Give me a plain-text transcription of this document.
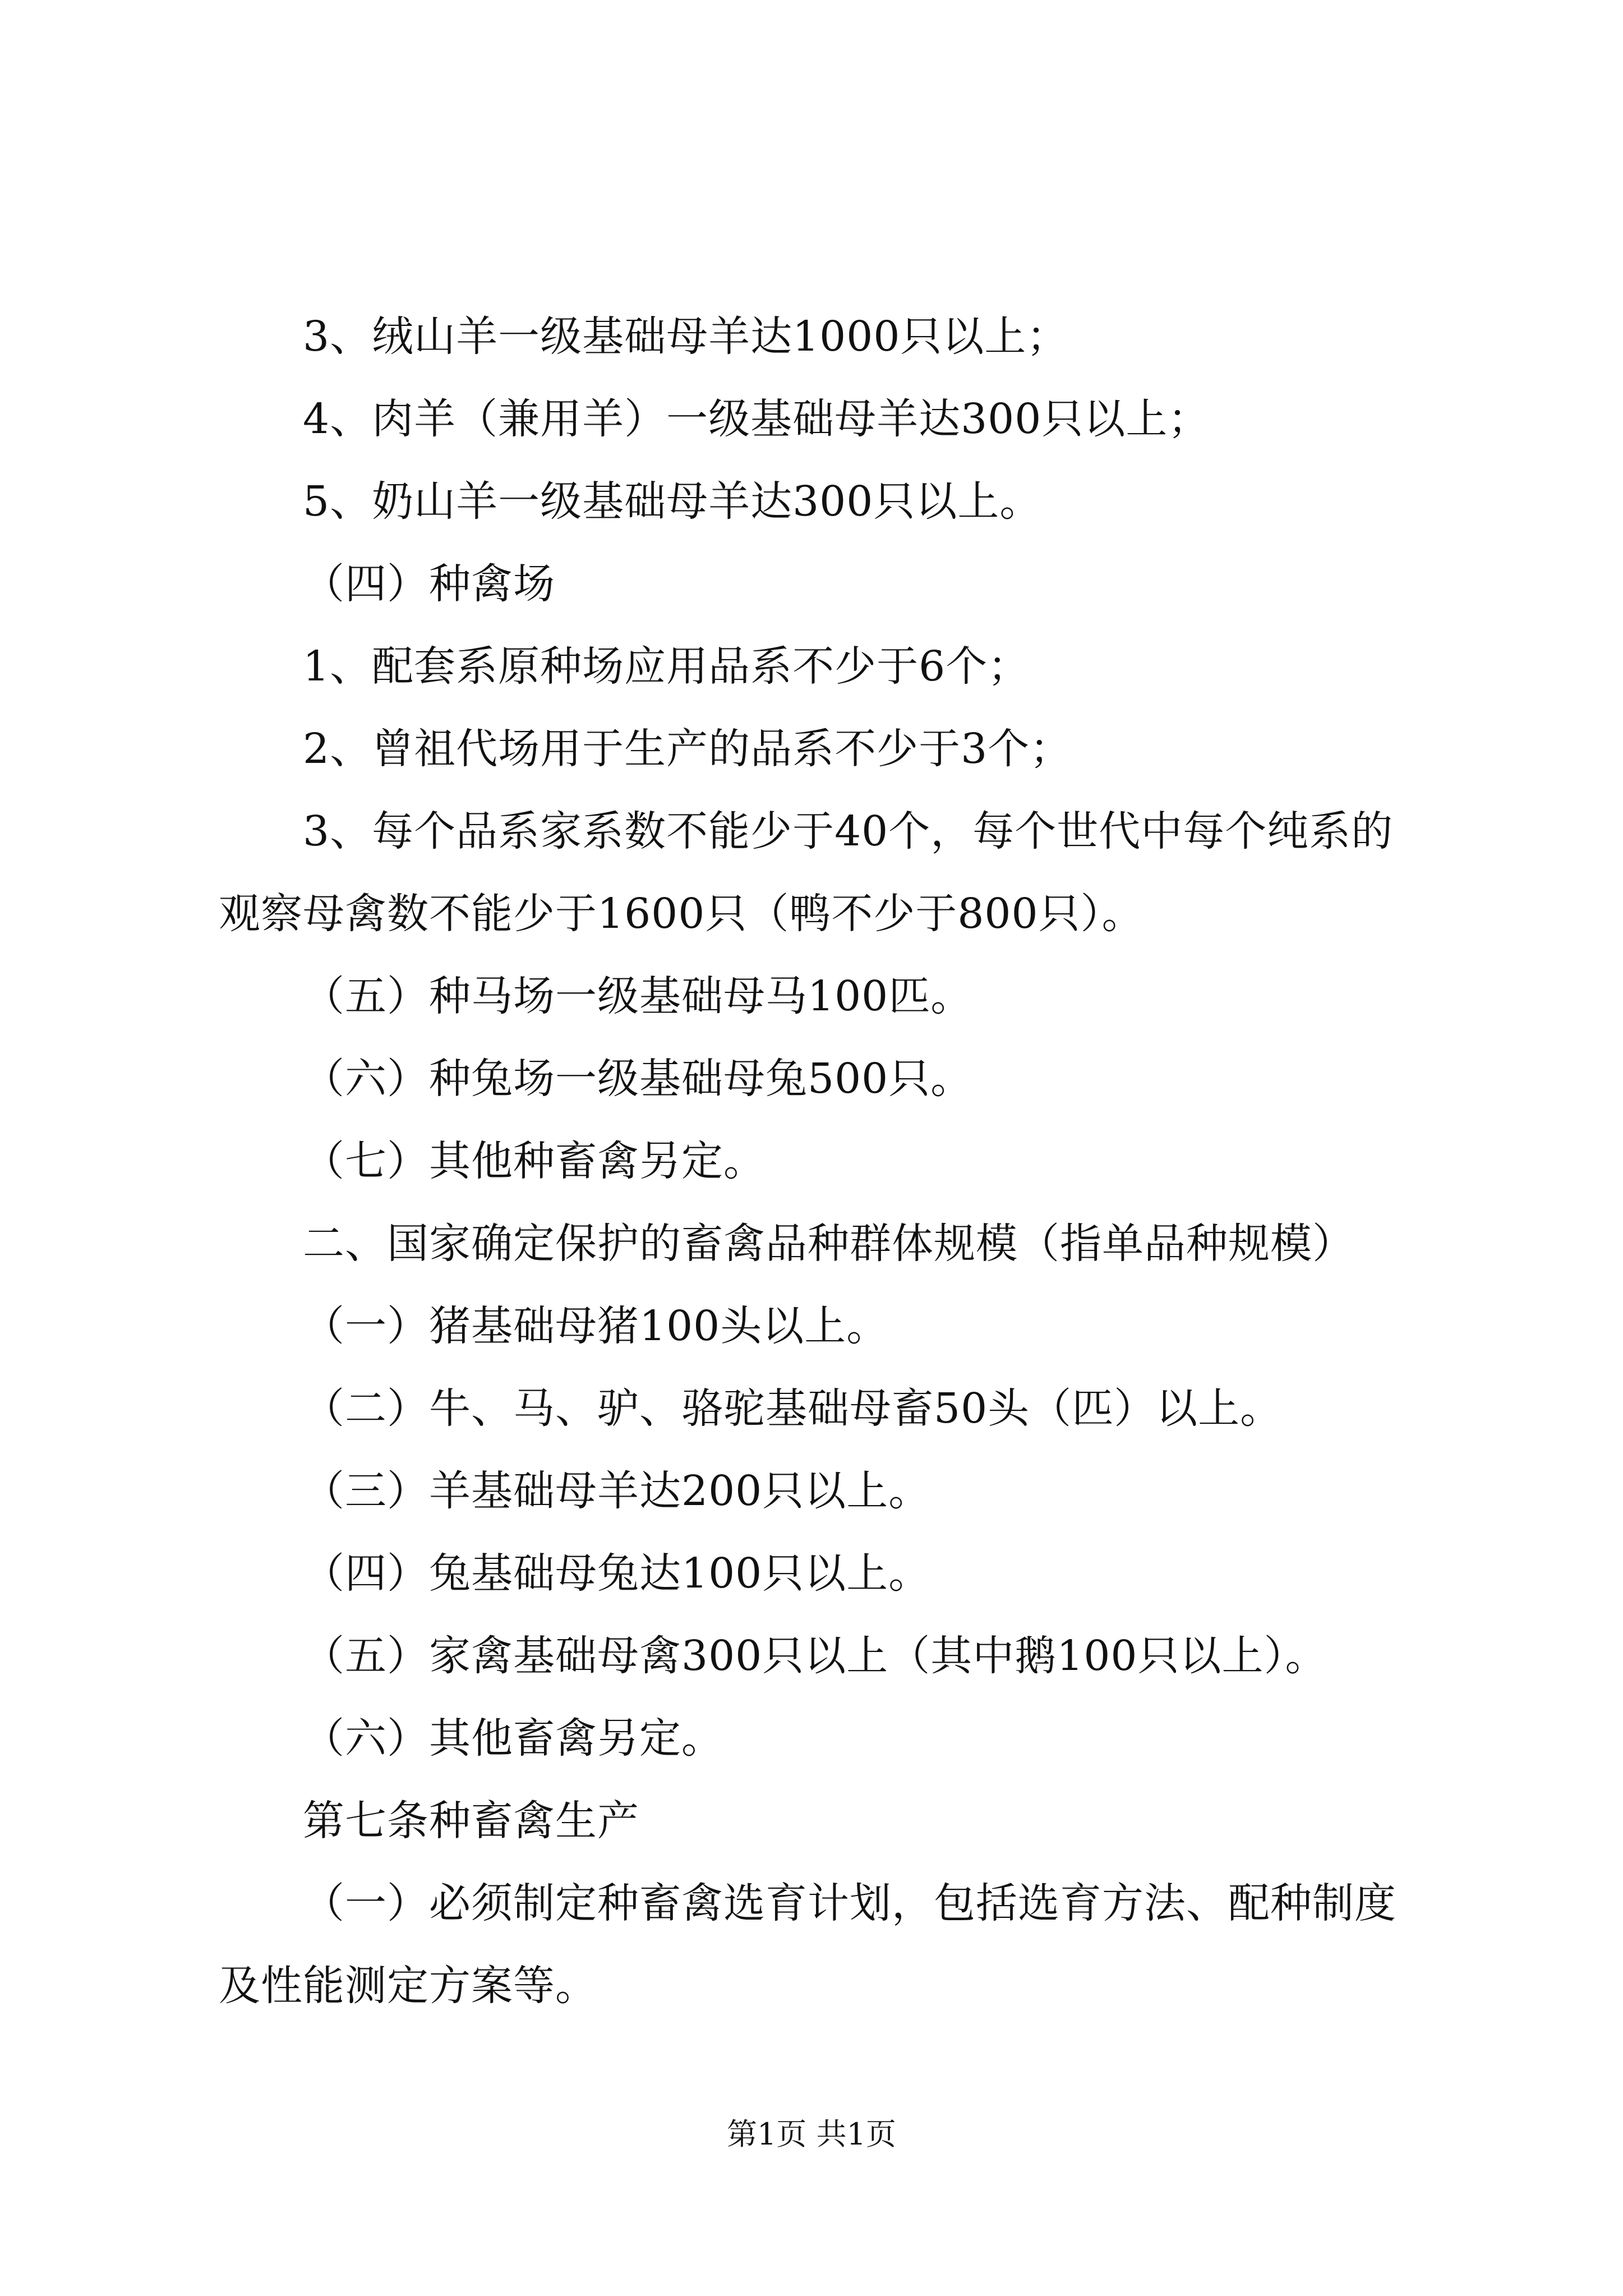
3、绒山羊一级基础母羊达1000只以上；
4、肉羊（兼用羊）一级基础母羊达300只以上；
5、奶山羊一级基础母羊达300只以上。
（四）种禽场
1、配套系原种场应用品系不少于6个；
2、曾祖代场用于生产的品系不少于3个；
3、每个品系家系数不能少于40个，每个世代中每个纯系的
观察母禽数不能少于1600只（鸭不少于800只）。
（五）种马场一级基础母马100匹。
（六）种兔场一级基础母兔500只。
（七）其他种畜禽另定。
二、国家确定保护的畜禽品种群体规模（指单品种规模）
（一）猪基础母猪100头以上。
（二）牛、马、驴、骆驼基础母畜50头（匹）以上。
（三）羊基础母羊达200只以上。
（四）兔基础母兔达100只以上。
（五）家禽基础母禽300只以上（其中鹅100只以上）。
（六）其他畜禽另定。
第七条种畜禽生产
（一）必须制定种畜禽选育计划，包括选育方法、配种制度
及性能测定方案等。
第1页 共1页
